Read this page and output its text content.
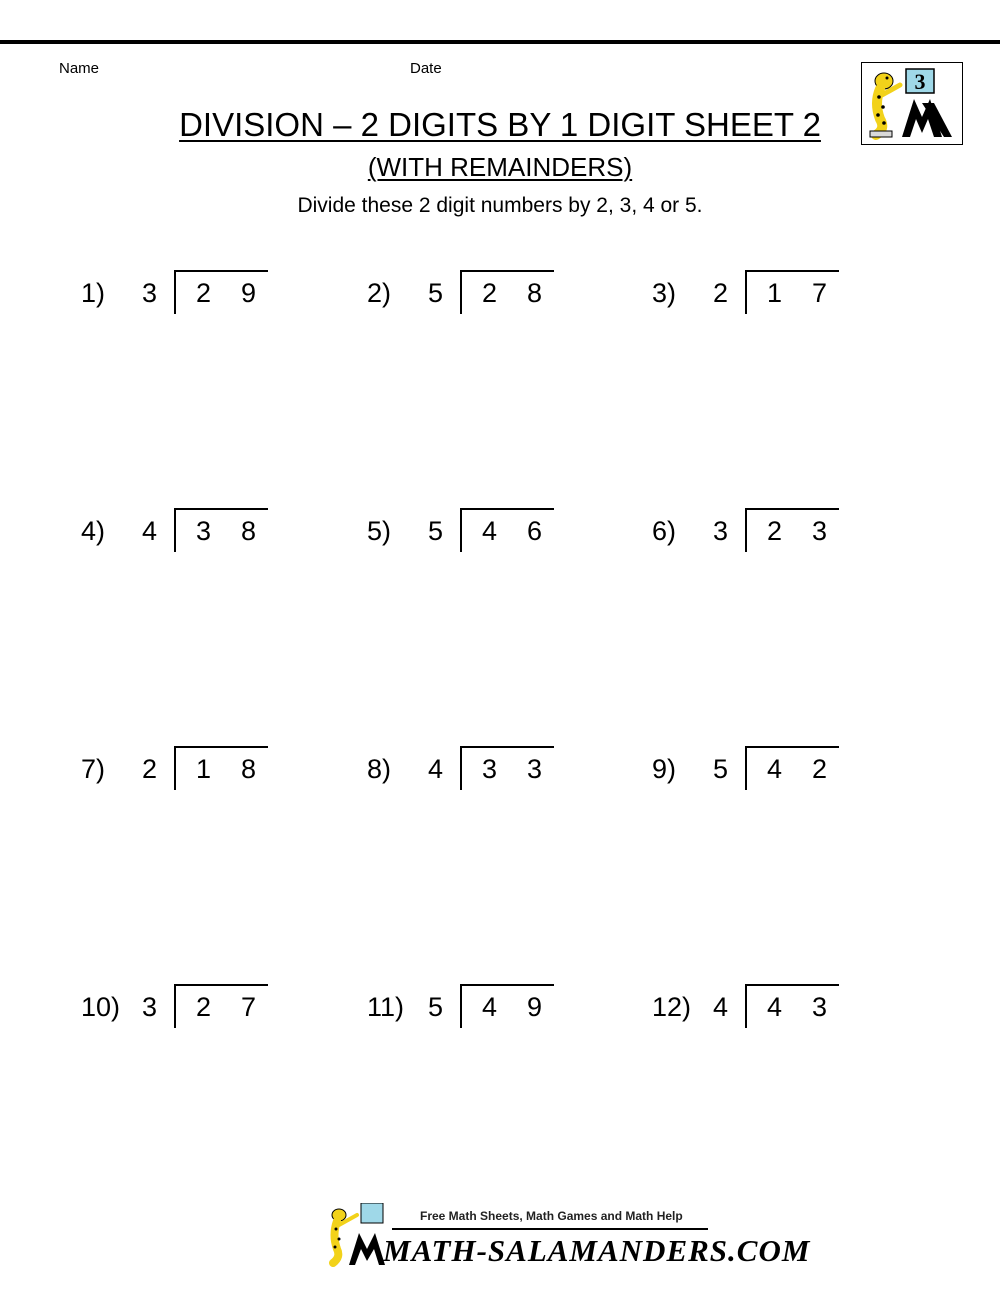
Name	Date
3
DIVISION – 2 DIGITS BY 1 DIGIT SHEET 2
(WITH REMAINDERS)
Divide these 2 digit numbers by 2, 3, 4 or 5.
1) 3 2 9	2) 5 2 8	3) 2 1 7
4) 4 3 8	5) 5 4 6	6) 3 2 3
7) 2 1 8	8) 4 3 3	9) 5 4 2
10) 3 2 7	11) 5 4 9	12) 4 4 3
Free Math Sheets, Math Games and Math Help
MATH-SALAMANDERS.COM
